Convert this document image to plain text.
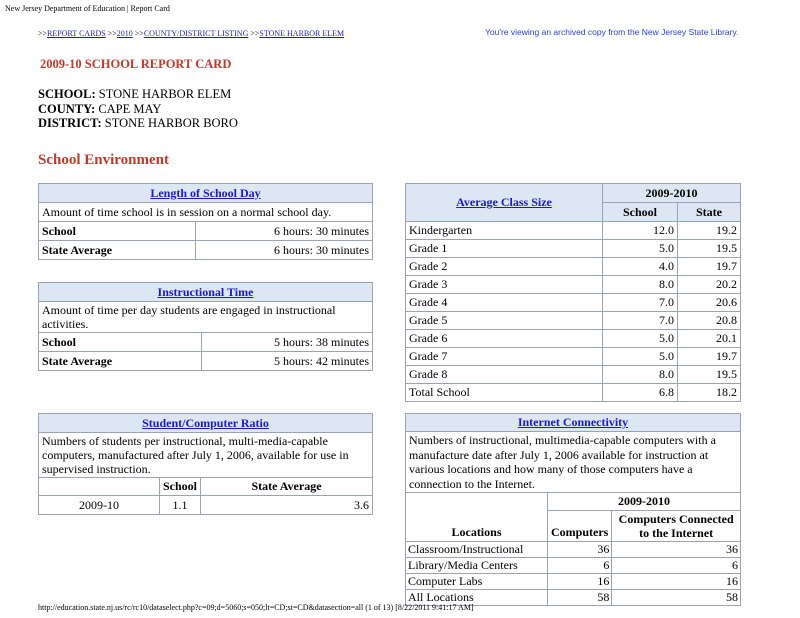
New Jersey Department of Education | Report Card
>>REPORT CARDS >>2010 >>COUNTY/DISTRICT LISTING >>STONE HARBOR ELEM	You're viewing an archived copy from the New Jersey State Library.
2009-10 SCHOOL REPORT CARD
SCHOOL: STONE HARBOR ELEM
COUNTY: CAPE MAY
DISTRICT: STONE HARBOR BORO
School Environment
Length of School Day	
Amount of time school is in session on a normal school day.	
School	6 hours: 30 minutes
State Average	6 hours: 30 minutes
Instructional Time	
Amount of time per day students are engaged in instructional activities.	
School	5 hours: 38 minutes
State Average	5 hours: 42 minutes
Student/Computer Ratio		
Numbers of students per instructional, multi-media-capable computers, manufactured after July 1, 2006, available for use in supervised instruction.		
	School	State Average
2009-10	1.1	3.6
Average Class Size	2009-2010	
	School	State
Kindergarten	12.0	19.2
Grade 1	5.0	19.5
Grade 2	4.0	19.7
Grade 3	8.0	20.2
Grade 4	7.0	20.6
Grade 5	7.0	20.8
Grade 6	5.0	20.1
Grade 7	5.0	19.7
Grade 8	8.0	19.5
Total School	6.8	18.2
Internet Connectivity		
Numbers of instructional, multimedia-capable computers with a manufacture date after July 1, 2006 available for instruction at various locations and how many of those computers have a connection to the Internet.		
Locations	2009-2010	
	Computers	Computers Connected to the Internet
Classroom/Instructional	36	36
Library/Media Centers	6	6
Computer Labs	16	16
All Locations	58	58
http://education.state.nj.us/rc/rc10/dataselect.php?c=09;d=5060;s=050;lt=CD;st=CD&datasection=all (1 of 13) [8/22/2011 9:41:17 AM]
